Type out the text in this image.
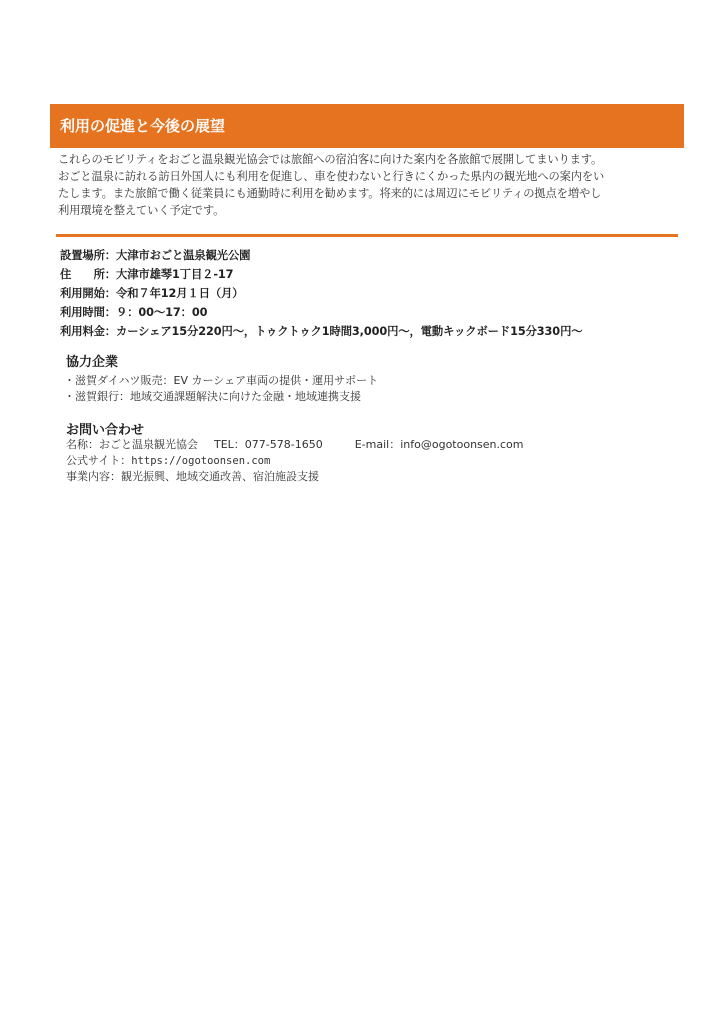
利用の促進と今後の展望

これらのモビリティをおごと温泉観光協会では旅館への宿泊客に向けた案内を各旅館で展開してまいります。

おごと温泉に訪れる訪日外国人にも利用を促進し、車を使わないと行きにくかった県内の観光地への案内をい

たします。また旅館で働く従業員にも通勤時に利用を勧めます。将来的には周辺にモビリティの拠点を増やし

利用環境を整えていく予定です。

設置場所：大津市おごと温泉観光公園
住　　所：大津市雄琴1丁目２-17
利用開始：令和７年12月１日（月）
利用時間：９：00～17：00
利用料金：カーシェア15分220円～，トゥクトゥク1時間3,000円～，電動キックボード15分330円～
協力企業
・滋賀ダイハツ販売：EV カーシェア車両の提供・運用サポート
・滋賀銀行：地域交通課題解決に向けた金融・地域連携支援
お問い合わせ
名称：おごと温泉観光協会 TEL：077-578-1650	E-mail：info@ogotoonsen.com
公式サイト：https://ogotoonsen.com
事業内容：観光振興、地域交通改善、宿泊施設支援
